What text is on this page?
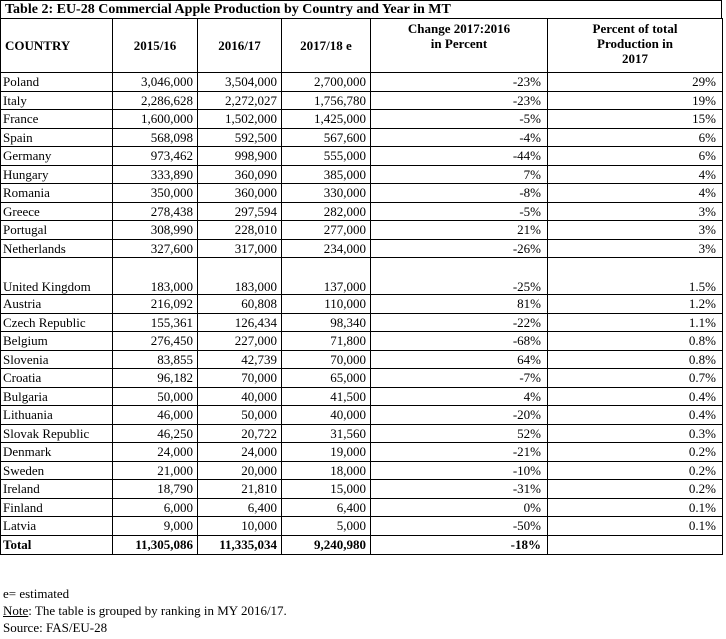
Table 2: EU-28 Commercial Apple Production by Country and Year in MT
COUNTRY	2015/16	2016/17	2017/18 e	Change 2017:2016 in Percent	Percent of total Production in 2017
Poland	3,046,000	3,504,000	2,700,000	-23%	29%
Italy	2,286,628	2,272,027	1,756,780	-23%	19%
France	1,600,000	1,502,000	1,425,000	-5%	15%
Spain	568,098	592,500	567,600	-4%	6%
Germany	973,462	998,900	555,000	-44%	6%
Hungary	333,890	360,090	385,000	7%	4%
Romania	350,000	360,000	330,000	-8%	4%
Greece	278,438	297,594	282,000	-5%	3%
Portugal	308,990	228,010	277,000	21%	3%
Netherlands	327,600	317,000	234,000	-26%	3%
United Kingdom	183,000	183,000	137,000	-25%	1.5%
Austria	216,092	60,808	110,000	81%	1.2%
Czech Republic	155,361	126,434	98,340	-22%	1.1%
Belgium	276,450	227,000	71,800	-68%	0.8%
Slovenia	83,855	42,739	70,000	64%	0.8%
Croatia	96,182	70,000	65,000	-7%	0.7%
Bulgaria	50,000	40,000	41,500	4%	0.4%
Lithuania	46,000	50,000	40,000	-20%	0.4%
Slovak Republic	46,250	20,722	31,560	52%	0.3%
Denmark	24,000	24,000	19,000	-21%	0.2%
Sweden	21,000	20,000	18,000	-10%	0.2%
Ireland	18,790	21,810	15,000	-31%	0.2%
Finland	6,000	6,400	6,400	0%	0.1%
Latvia	9,000	10,000	5,000	-50%	0.1%
Total	11,305,086	11,335,034	9,240,980	-18%	
e= estimated
Note: The table is grouped by ranking in MY 2016/17.
Source: FAS/EU-28
